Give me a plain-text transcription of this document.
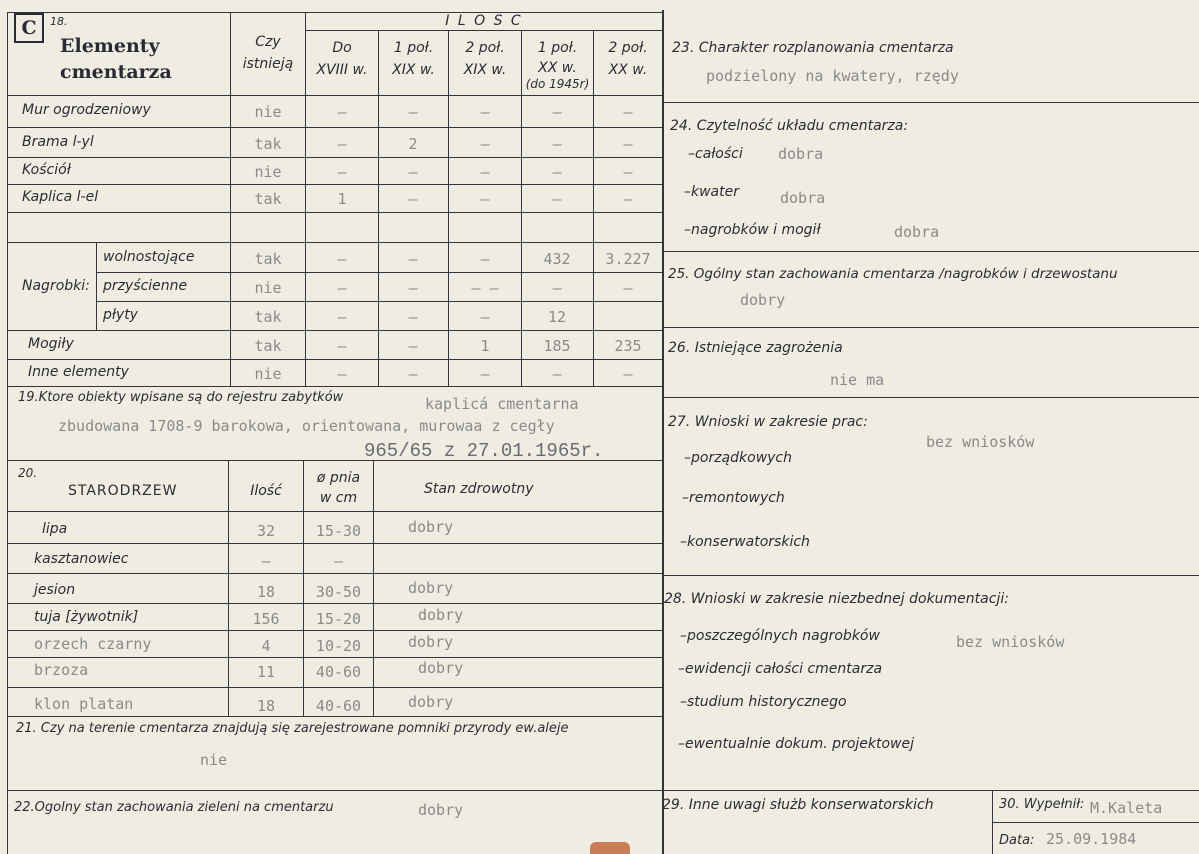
C	18.
Elementy
cmentarza
Czy
istnieją
I L O S C
Do
XVIII w.
1 poł.
XIX w.
2 poł.
XIX w.
1 poł.
XX w.
(do 1945r)
2 poł.
XX w.
Mur ogrodzeniowy	nie	–	–	–	–	–
Brama l-yl	tak	–	2	–	–	–
Kościół	nie	–	–	–	–	–
Kaplica l-el	tak	1	–	–	–	–
wolnostojące	tak	–	–	–	432	3.227
przyścienne	nie	–	–	– –	–	–
płyty	tak	–	–	–	12
Mogiły	tak	–	–	1	185	235
Inne elementy	nie	–	–	–	–	–
Nagrobki:
19.Ktore obiekty wpisane są do rejestru zabytków	kaplicá cmentarna
zbudowana 1708-9 barokowa, orientowana, murowaa z cegły
965/65 z 27.01.1965r.
20.
STARODRZEW	Ilość
ø pnia
w cm
Stan zdrowotny
lipa	32	15-30	dobry
kasztanowiec	–	–
jesion	18	30-50	dobry
tuja [żywotnik]	156	15-20	dobry
orzech czarny	4	10-20	dobry
brzoza	11	40-60	dobry
klon platan	18	40-60	dobry
21. Czy na terenie cmentarza znajdują się zarejestrowane pomniki przyrody ew.aleje
nie
22.Ogolny stan zachowania zieleni na cmentarzu	dobry
23. Charakter rozplanowania cmentarza
podzielony na kwatery, rzędy
24. Czytelność układu cmentarza:
–całości dobra
–kwater	dobra
–nagrobków i mogił	dobra
25. Ogólny stan zachowania cmentarza /nagrobków i drzewostanu
dobry
26. Istniejące zagrożenia
nie ma
27. Wnioski w zakresie prac:
bez wniosków
–porządkowych
–remontowych
–konserwatorskich
28. Wnioski w zakresie niezbednej dokumentacji:
bez wniosków
–poszczególnych nagrobków
–ewidencji całości cmentarza
–studium historycznego
–ewentualnie dokum. projektowej
29. Inne uwagi służb konserwatorskich	30. Wypełnił: M.Kaleta
Data: 25.09.1984
